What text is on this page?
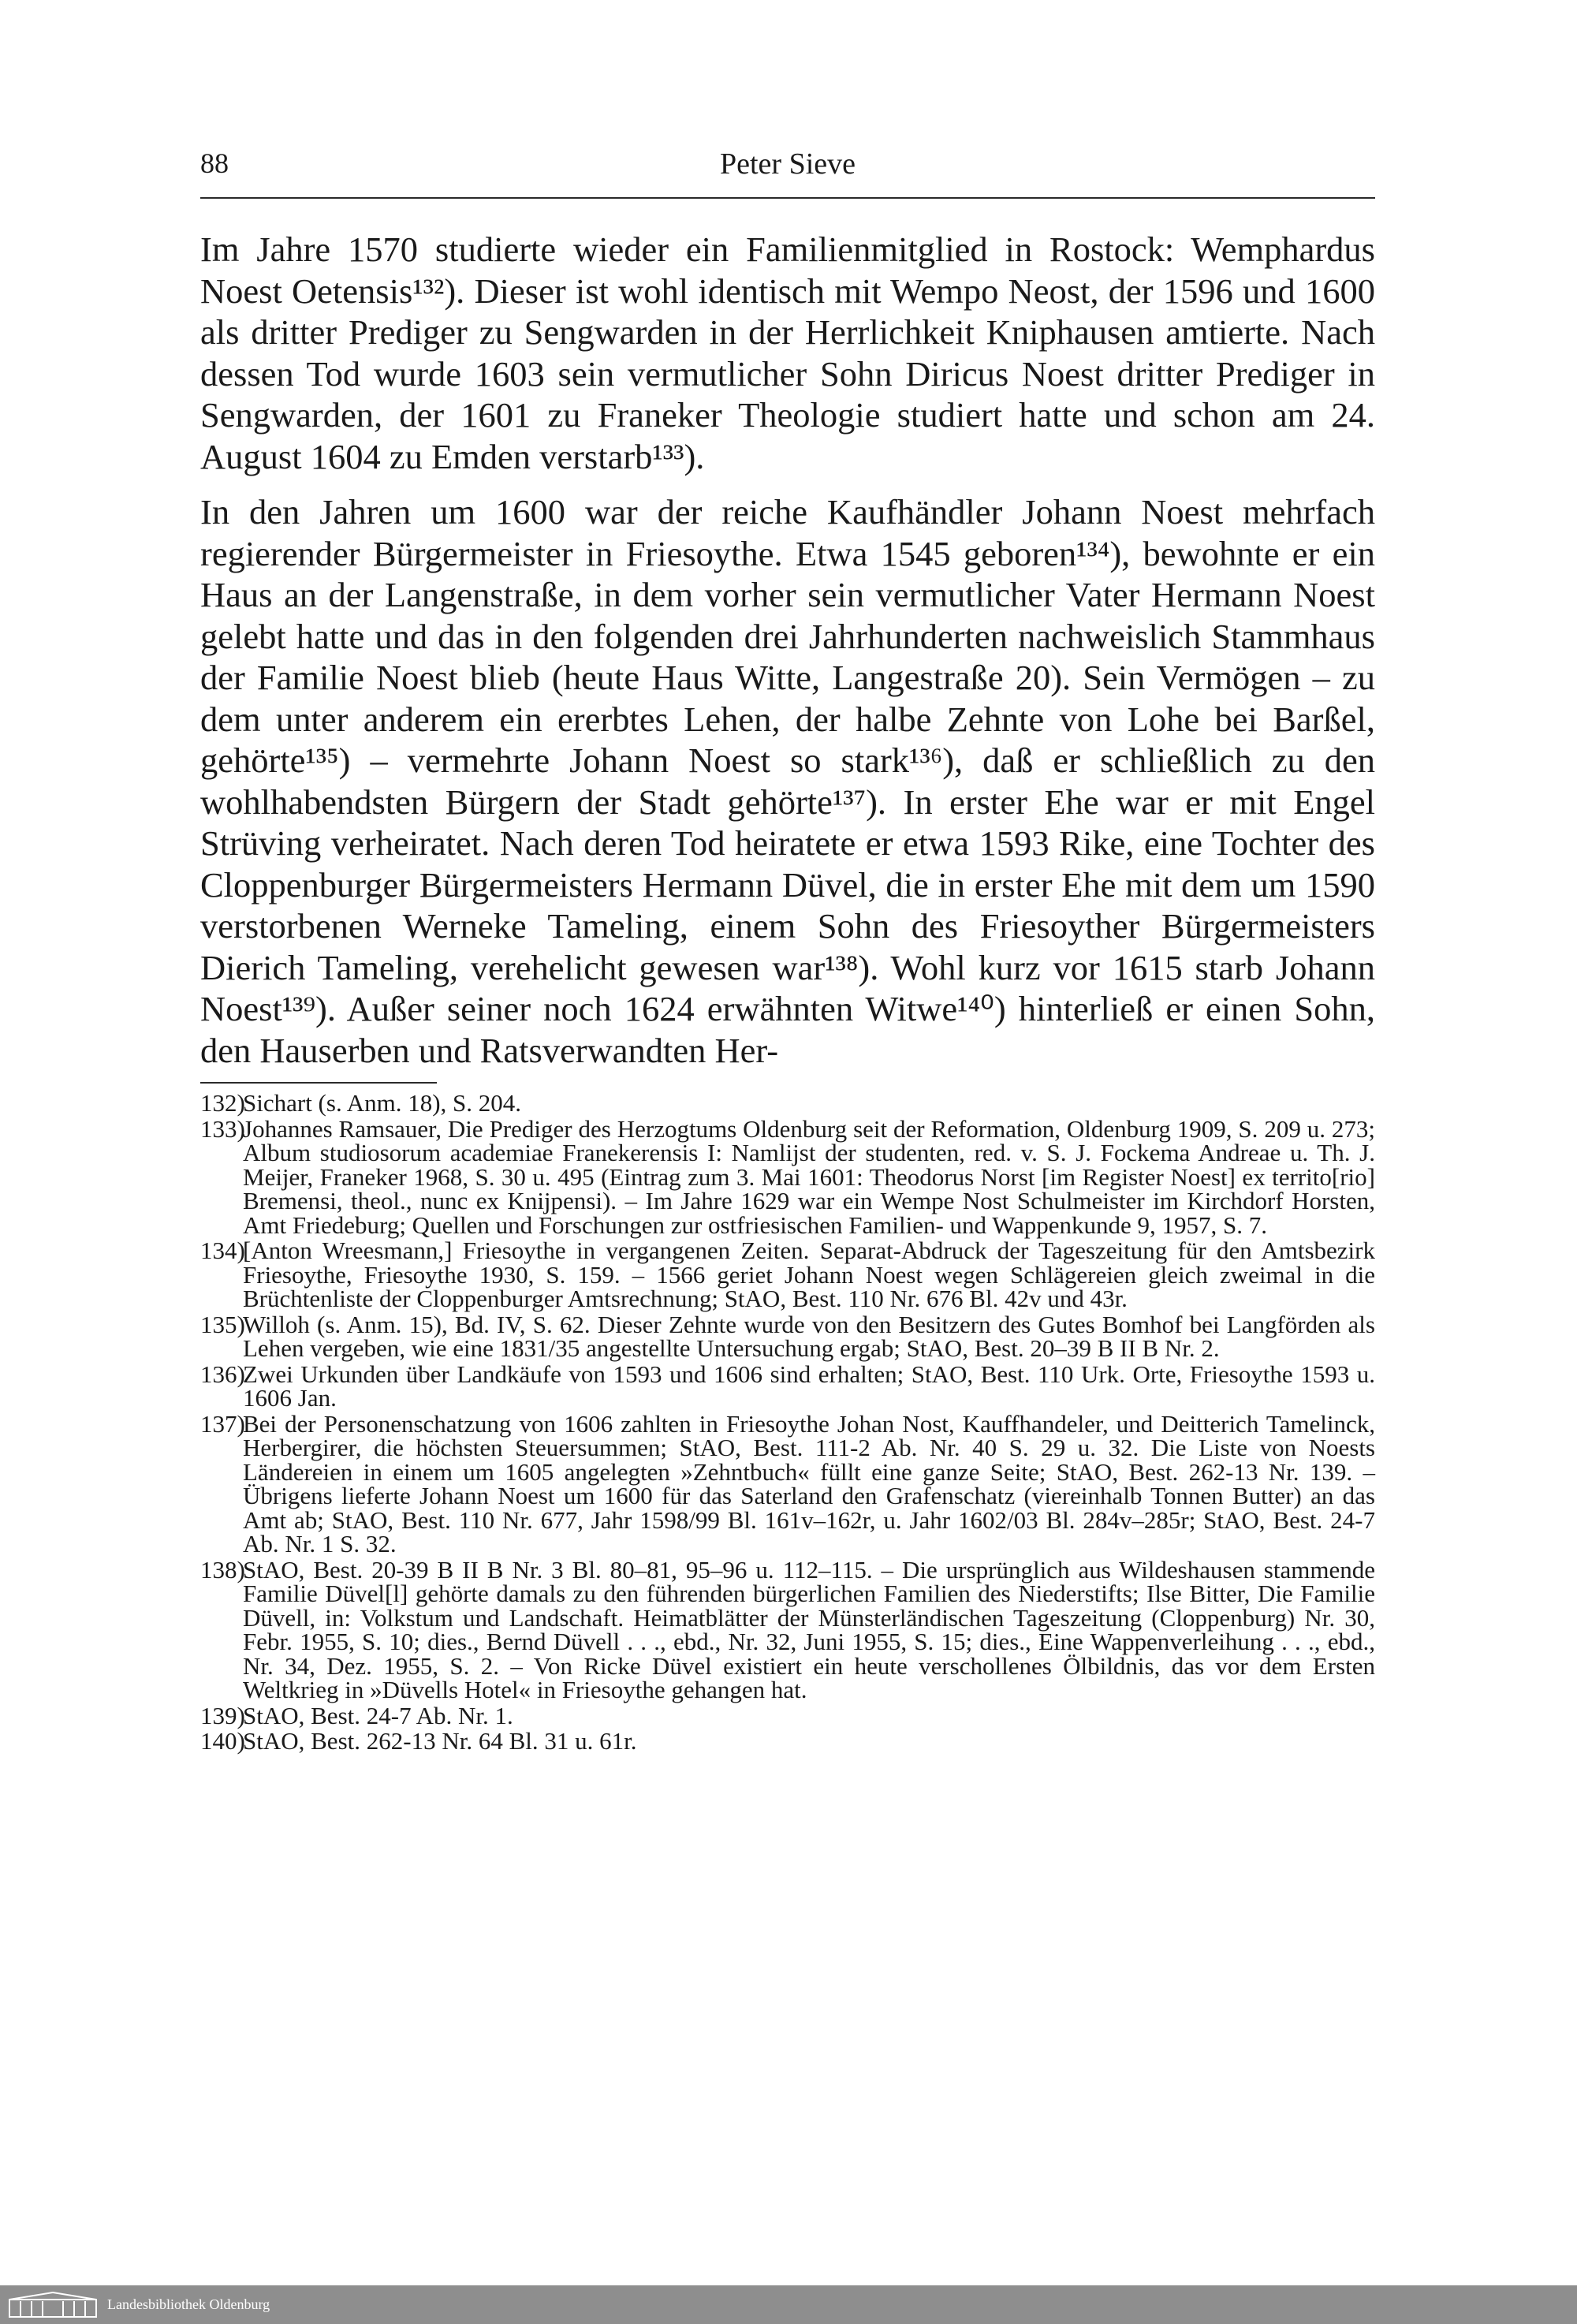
88	Peter Sieve

Im Jahre 1570 studierte wieder ein Familienmitglied in Rostock: Wemphardus Noest Oetensis¹³²). Dieser ist wohl identisch mit Wempo Neost, der 1596 und 1600 als dritter Prediger zu Sengwarden in der Herrlichkeit Kniphausen amtierte. Nach dessen Tod wurde 1603 sein vermutlicher Sohn Diricus Noest dritter Prediger in Sengwarden, der 1601 zu Franeker Theologie studiert hatte und schon am 24. August 1604 zu Emden verstarb¹³³).

In den Jahren um 1600 war der reiche Kaufhändler Johann Noest mehrfach regierender Bürgermeister in Friesoythe. Etwa 1545 geboren¹³⁴), bewohnte er ein Haus an der Langenstraße, in dem vorher sein vermutlicher Vater Hermann Noest gelebt hatte und das in den folgenden drei Jahrhunderten nachweislich Stammhaus der Familie Noest blieb (heute Haus Witte, Langestraße 20). Sein Vermögen – zu dem unter anderem ein ererbtes Lehen, der halbe Zehnte von Lohe bei Barßel, gehörte¹³⁵) – vermehrte Johann Noest so stark¹³⁶), daß er schließlich zu den wohlhabendsten Bürgern der Stadt gehörte¹³⁷). In erster Ehe war er mit Engel Strüving verheiratet. Nach deren Tod heiratete er etwa 1593 Rike, eine Tochter des Cloppenburger Bürgermeisters Hermann Düvel, die in erster Ehe mit dem um 1590 verstorbenen Werneke Tameling, einem Sohn des Friesoyther Bürgermeisters Dierich Tameling, verehelicht gewesen war¹³⁸). Wohl kurz vor 1615 starb Johann Noest¹³⁹). Außer seiner noch 1624 erwähnten Witwe¹⁴⁰) hinterließ er einen Sohn, den Hauserben und Ratsverwandten Her-

132)
Sichart (s. Anm. 18), S. 204.
133)
Johannes Ramsauer, Die Prediger des Herzogtums Oldenburg seit der Reformation, Oldenburg 1909, S. 209 u. 273; Album studiosorum academiae Franekerensis I: Namlijst der studenten, red. v. S. J. Fockema Andreae u. Th. J. Meijer, Franeker 1968, S. 30 u. 495 (Eintrag zum 3. Mai 1601: Theodorus Norst [im Register Noest] ex territo[rio] Bremensi, theol., nunc ex Knijpensi). – Im Jahre 1629 war ein Wempe Nost Schulmeister im Kirchdorf Horsten, Amt Friedeburg; Quellen und Forschungen zur ostfriesischen Familien- und Wappenkunde 9, 1957, S. 7.
134)
[Anton Wreesmann,] Friesoythe in vergangenen Zeiten. Separat-Abdruck der Tageszeitung für den Amtsbezirk Friesoythe, Friesoythe 1930, S. 159. – 1566 geriet Johann Noest wegen Schlägereien gleich zweimal in die Brüchtenliste der Cloppenburger Amtsrechnung; StAO, Best. 110 Nr. 676 Bl. 42v und 43r.
135)
Willoh (s. Anm. 15), Bd. IV, S. 62. Dieser Zehnte wurde von den Besitzern des Gutes Bomhof bei Langförden als Lehen vergeben, wie eine 1831/35 angestellte Untersuchung ergab; StAO, Best. 20–39 B II B Nr. 2.
136)
Zwei Urkunden über Landkäufe von 1593 und 1606 sind erhalten; StAO, Best. 110 Urk. Orte, Friesoythe 1593 u. 1606 Jan.
137)
Bei der Personenschatzung von 1606 zahlten in Friesoythe Johan Nost, Kauffhandeler, und Deitterich Tamelinck, Herbergirer, die höchsten Steuersummen; StAO, Best. 111-2 Ab. Nr. 40 S. 29 u. 32. Die Liste von Noests Ländereien in einem um 1605 angelegten »Zehntbuch« füllt eine ganze Seite; StAO, Best. 262-13 Nr. 139. – Übrigens lieferte Johann Noest um 1600 für das Saterland den Grafenschatz (viereinhalb Tonnen Butter) an das Amt ab; StAO, Best. 110 Nr. 677, Jahr 1598/99 Bl. 161v–162r, u. Jahr 1602/03 Bl. 284v–285r; StAO, Best. 24-7 Ab. Nr. 1 S. 32.
138)
StAO, Best. 20-39 B II B Nr. 3 Bl. 80–81, 95–96 u. 112–115. – Die ursprünglich aus Wildeshausen stammende Familie Düvel[l] gehörte damals zu den führenden bürgerlichen Familien des Niederstifts; Ilse Bitter, Die Familie Düvell, in: Volkstum und Landschaft. Heimatblätter der Münsterländischen Tageszeitung (Cloppenburg) Nr. 30, Febr. 1955, S. 10; dies., Bernd Düvell . . ., ebd., Nr. 32, Juni 1955, S. 15; dies., Eine Wappenverleihung . . ., ebd., Nr. 34, Dez. 1955, S. 2. – Von Ricke Düvel existiert ein heute verschollenes Ölbildnis, das vor dem Ersten Weltkrieg in »Düvells Hotel« in Friesoythe gehangen hat.
139)
StAO, Best. 24-7 Ab. Nr. 1.
140)
StAO, Best. 262-13 Nr. 64 Bl. 31 u. 61r.
Landesbibliothek Oldenburg
